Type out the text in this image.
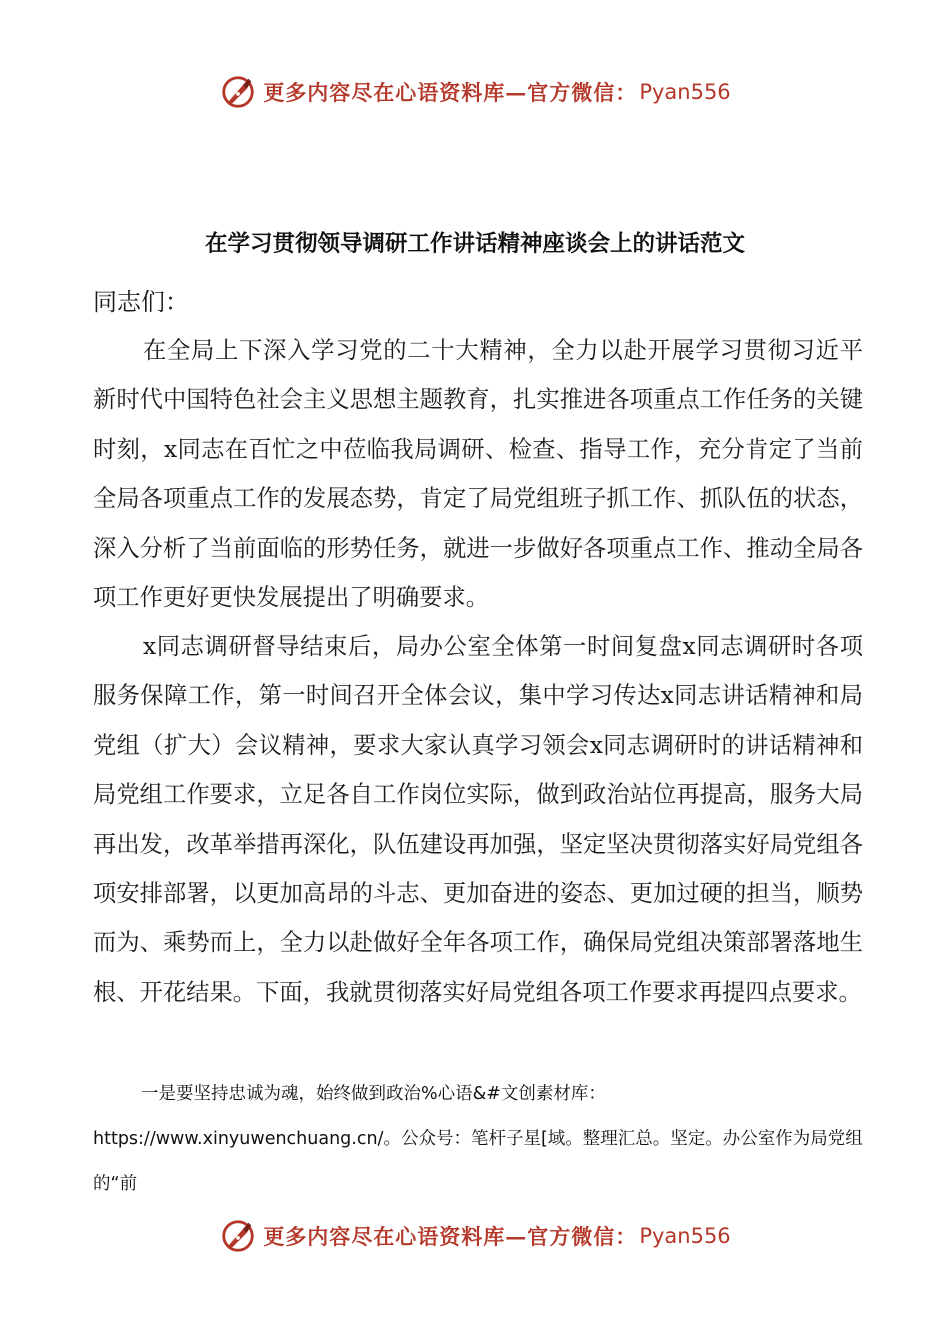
更多内容尽在心语资料库—官方微信： Pyan556
在学习贯彻领导调研工作讲话精神座谈会上的讲话范文
同志们：

在全局上下深入学习党的二十大精神，全力以赴开展学习贯彻习近平新时代中国特色社会主义思想主题教育，扎实推进各项重点工作任务的关键时刻，x同志在百忙之中莅临我局调研、检查、指导工作，充分肯定了当前全局各项重点工作的发展态势，肯定了局党组班子抓工作、抓队伍的状态，深入分析了当前面临的形势任务，就进一步做好各项重点工作、推动全局各项工作更好更快发展提出了明确要求。

x同志调研督导结束后，局办公室全体第一时间复盘x同志调研时各项服务保障工作，第一时间召开全体会议，集中学习传达x同志讲话精神和局党组（扩大）会议精神，要求大家认真学习领会x同志调研时的讲话精神和局党组工作要求，立足各自工作岗位实际，做到政治站位再提高，服务大局再出发，改革举措再深化，队伍建设再加强，坚定坚决贯彻落实好局党组各项安排部署，以更加高昂的斗志、更加奋进的姿态、更加过硬的担当，顺势而为、乘势而上，全力以赴做好全年各项工作，确保局党组决策部署落地生根、开花结果。下面，我就贯彻落实好局党组各项工作要求再提四点要求。

一是要坚持忠诚为魂，始终做到政治%心语&#文创素材库：https://www.xinyuwenchuang.cn/。公众号：笔杆子星[域。整理汇总。坚定。办公室作为局党组的“前

更多内容尽在心语资料库—官方微信： Pyan556
